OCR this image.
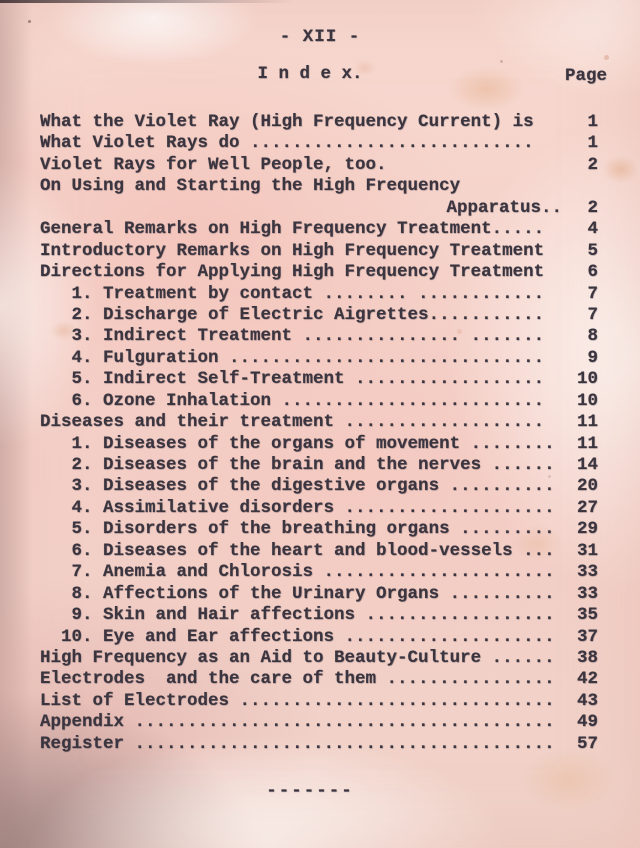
- XII -
I n d e x.	Page
What the Violet Ray (High Frequency Current) is	1
What Violet Rays do ...........................	1
Violet Rays for Well People, too.	2
On Using and Starting the High Frequency
Apparatus..	2
General Remarks on High Frequency Treatment.....	4
Introductory Remarks on High Frequency Treatment	5
Directions for Applying High Frequency Treatment	6
1. Treatment by contact ........ ............	7
2. Discharge of Electric Aigrettes...........	7
3. Indirect Treatment ............... .......	8
4. Fulguration ..............................	9
5. Indirect Self-Treatment ..................	10
6. Ozone Inhalation .........................	10
Diseases and their treatment ...................	11
1. Diseases of the organs of movement ........	11
2. Diseases of the brain and the nerves ......	14
3. Diseases of the digestive organs ..........	20
4. Assimilative disorders ....................	27
5. Disorders of the breathing organs .........	29
6. Diseases of the heart and blood-vessels ...	31
7. Anemia and Chlorosis ......................	33
8. Affections of the Urinary Organs ..........	33
9. Skin and Hair affections ..................	35
10. Eye and Ear affections ....................	37
High Frequency as an Aid to Beauty-Culture ......	38
Electrodes  and the care of them ................	42
List of Electrodes ..............................	43
Appendix ........................................	49
Register ........................................	57
-------
